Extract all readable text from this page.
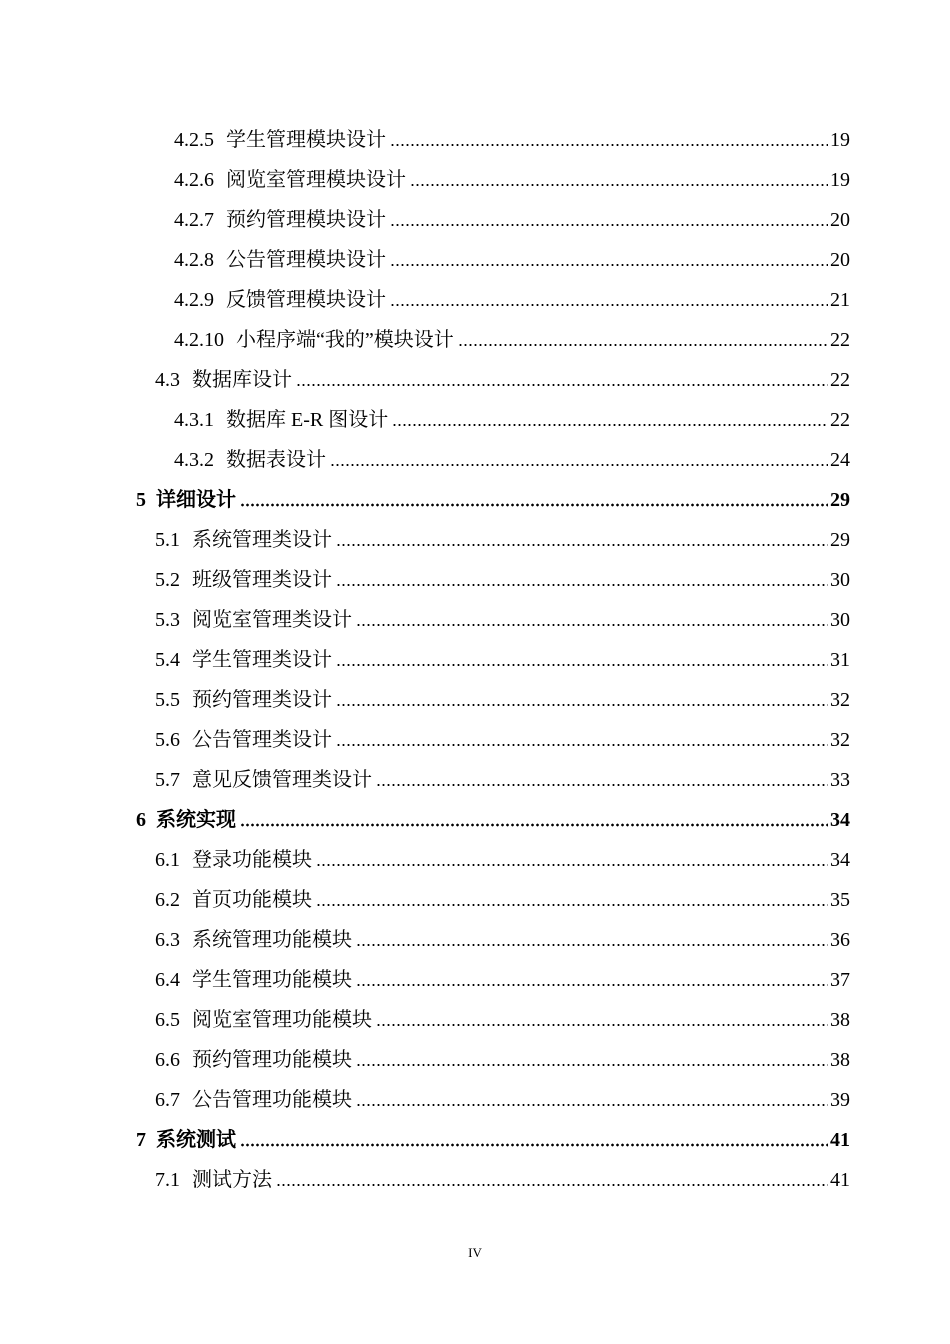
4.2.5 学生管理模块设计	19
4.2.6 阅览室管理模块设计	19
4.2.7 预约管理模块设计	20
4.2.8 公告管理模块设计	20
4.2.9 反馈管理模块设计	21
4.2.10 小程序端“我的”模块设计	22
4.3 数据库设计	22
4.3.1 数据库 E-R 图设计	22
4.3.2 数据表设计	24
5 详细设计	29
5.1 系统管理类设计	29
5.2 班级管理类设计	30
5.3 阅览室管理类设计	30
5.4 学生管理类设计	31
5.5 预约管理类设计	32
5.6 公告管理类设计	32
5.7 意见反馈管理类设计	33
6 系统实现	34
6.1 登录功能模块	34
6.2 首页功能模块	35
6.3 系统管理功能模块	36
6.4 学生管理功能模块	37
6.5 阅览室管理功能模块	38
6.6 预约管理功能模块	38
6.7 公告管理功能模块	39
7 系统测试	41
7.1 测试方法	41
IV
